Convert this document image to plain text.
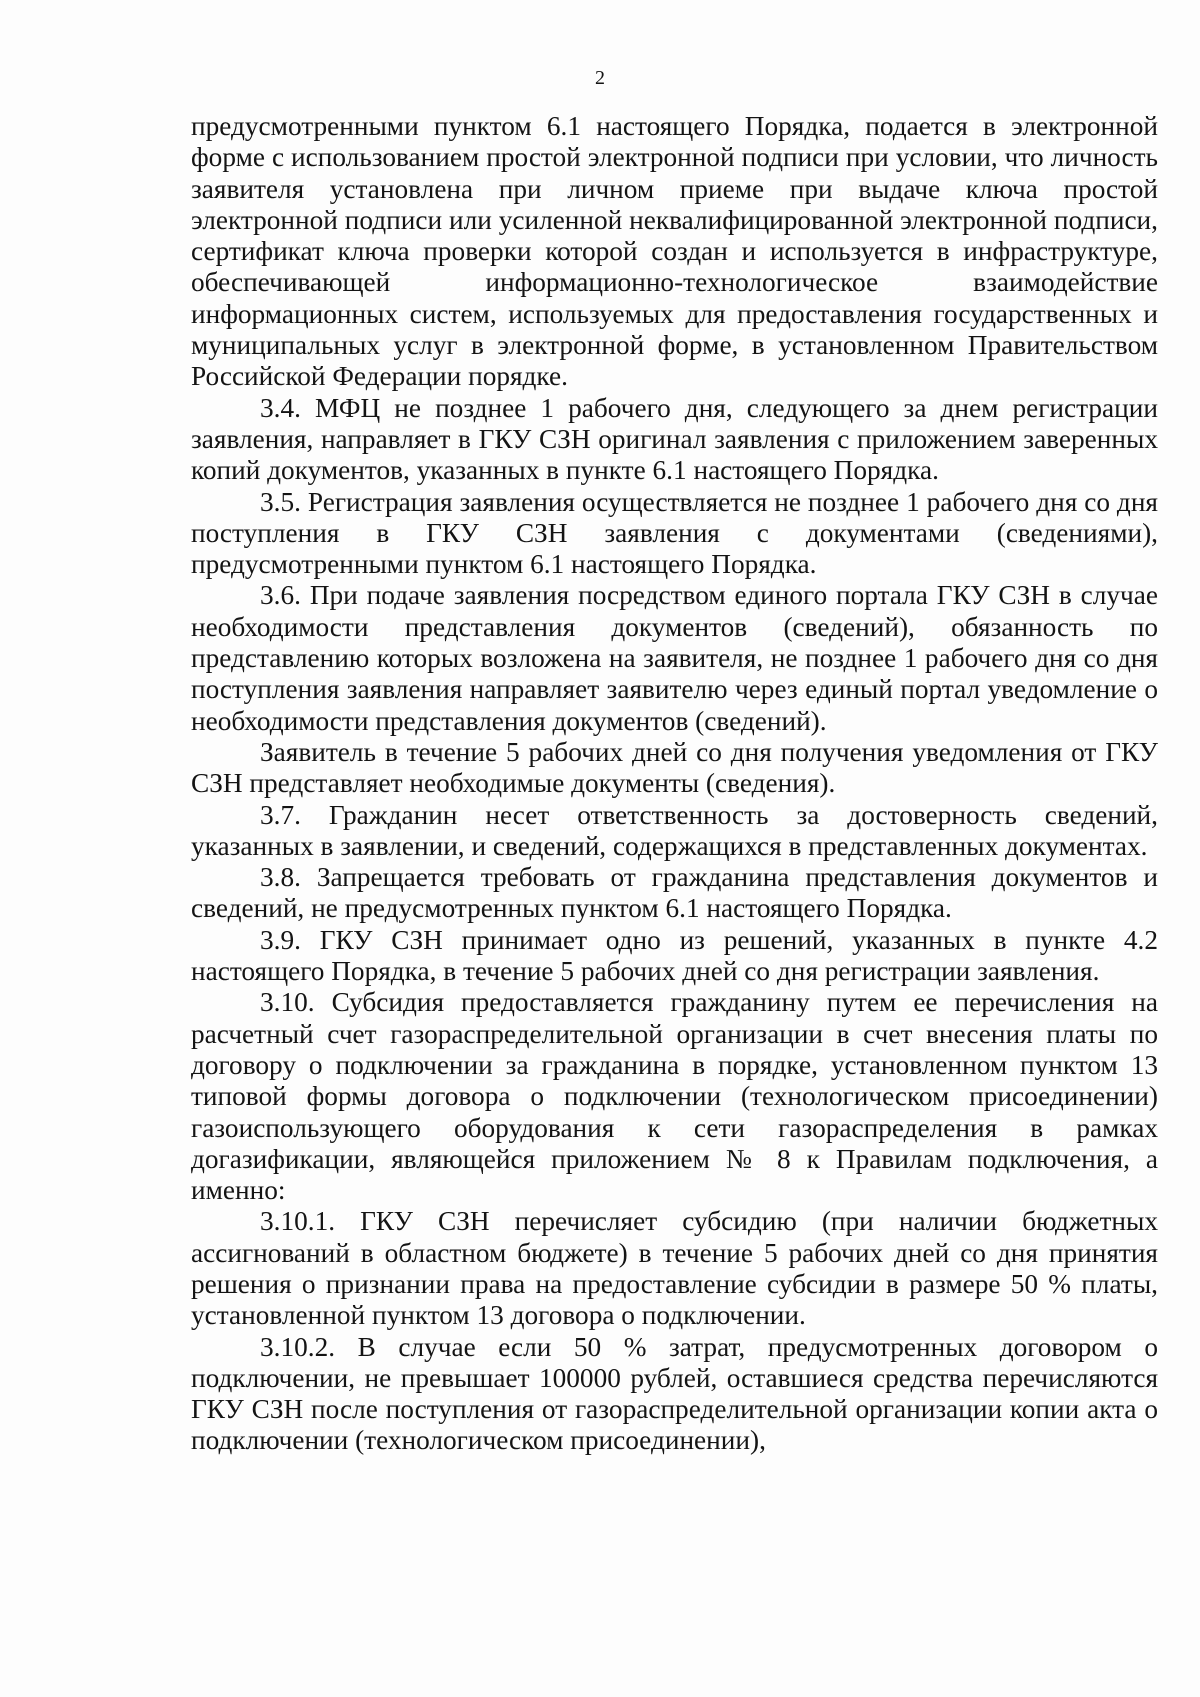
2

предусмотренными пунктом 6.1 настоящего Порядка, подается в электронной форме с использованием простой электронной подписи при условии, что личность заявителя установлена при личном приеме при выдаче ключа простой электронной подписи или усиленной неквалифицированной электронной подписи, сертификат ключа проверки которой создан и используется в инфраструктуре, обеспечивающей информационно-технологическое взаимодействие информационных систем, используемых для предоставления государственных и муниципальных услуг в электронной форме, в установленном Правительством Российской Федерации порядке.

3.4. МФЦ не позднее 1 рабочего дня, следующего за днем регистрации заявления, направляет в ГКУ СЗН оригинал заявления с приложением заверенных копий документов, указанных в пункте 6.1 настоящего Порядка.

3.5. Регистрация заявления осуществляется не позднее 1 рабочего дня со дня поступления в ГКУ СЗН заявления с документами (сведениями), предусмотренными пунктом 6.1 настоящего Порядка.

3.6. При подаче заявления посредством единого портала ГКУ СЗН в случае необходимости представления документов (сведений), обязанность по представлению которых возложена на заявителя, не позднее 1 рабочего дня со дня поступления заявления направляет заявителю через единый портал уведомление о необходимости представления документов (сведений).

Заявитель в течение 5 рабочих дней со дня получения уведомления от ГКУ СЗН представляет необходимые документы (сведения).

3.7. Гражданин несет ответственность за достоверность сведений, указанных в заявлении, и сведений, содержащихся в представленных документах.

3.8. Запрещается требовать от гражданина представления документов и сведений, не предусмотренных пунктом 6.1 настоящего Порядка.

3.9. ГКУ СЗН принимает одно из решений, указанных в пункте 4.2 настоящего Порядка, в течение 5 рабочих дней со дня регистрации заявления.

3.10. Субсидия предоставляется гражданину путем ее перечисления на расчетный счет газораспределительной организации в счет внесения платы по договору о подключении за гражданина в порядке, установленном пунктом 13 типовой формы договора о подключении (технологическом присоединении) газоиспользующего оборудования к сети газораспределения в рамках догазификации, являющейся приложением № 8 к Правилам подключения, а именно:

3.10.1. ГКУ СЗН перечисляет субсидию (при наличии бюджетных ассигнований в областном бюджете) в течение 5 рабочих дней со дня принятия решения о признании права на предоставление субсидии в размере 50 % платы, установленной пунктом 13 договора о подключении.

3.10.2. В случае если 50 % затрат, предусмотренных договором о подключении, не превышает 100000 рублей, оставшиеся средства перечисляются ГКУ СЗН после поступления от газораспределительной организации копии акта о подключении (технологическом присоединении),
